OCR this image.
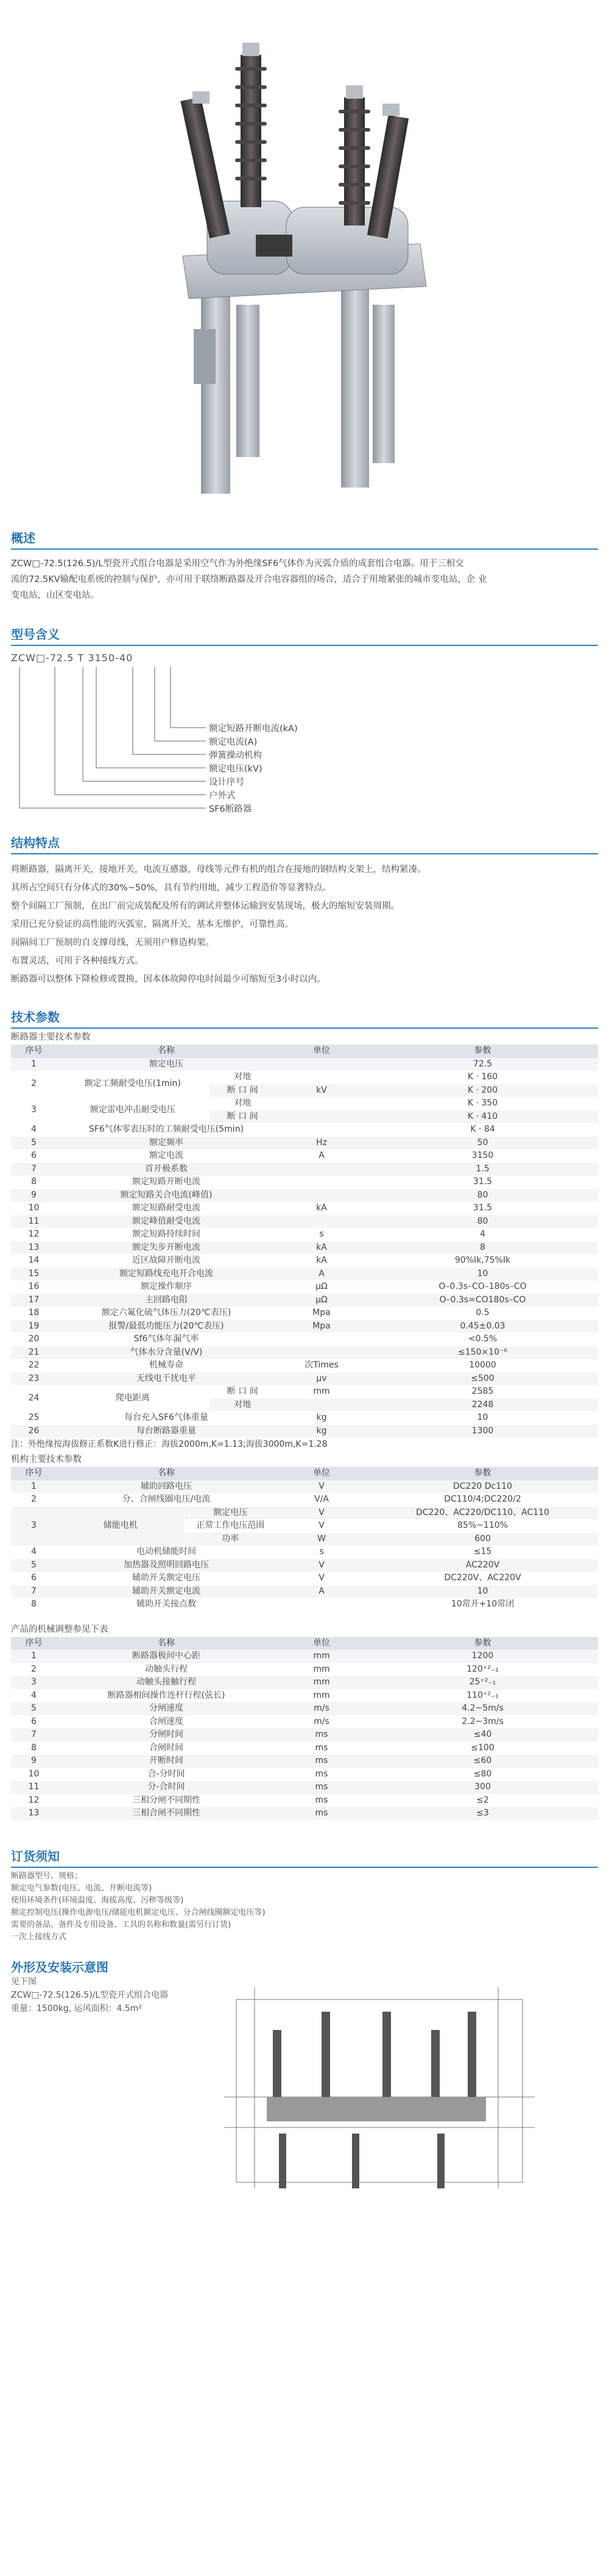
概述
ZCW□-72.5(126.5)/L型瓷开式组合电器是采用空气作为外绝缘SF6气体作为灭弧介质的成套组合电器。用于三相交
流的72.5KV输配电系统的控制与保护，亦可用于联络断路器及开合电容器组的场合，适合于用地紧张的城市变电站，企 业
变电站，山区变电站。
型号含义
ZCW□-72.5 T 3150-40
额定短路开断电流(kA)
额定电流(A)
弹簧操动机构
额定电压(kV)
设计序号
户外式
SF6断路器
结构特点
将断路器，隔离开关，接地开关，电流互感器，母线等元件有机的组合在接地的钢结构支架上，结构紧凑。
其所占空间只有分体式的30%~50%，具有节约用地，减少工程造价等显著特点。
整个间隔工厂预制，在出厂前完成装配及所有的调试并整体运输到安装现场，极大的缩短安装周期。
采用已充分验证的高性能的灭弧室，隔离开关，基本无维护，可靠性高。
间隔间工厂预制的自支撑母线，无须用户修造构架。
布置灵活，可用于各种接线方式。
断路器可以整体下降检修或置换，因本体故障停电时间最少可缩短至3小时以内。
技术参数
断路器主要技术参数
序号	名称		单位	参数
1	额定电压			72.5
2	额定工频耐受电压(1min)	对地		K · 160
		断 口 间	kV	K · 200
3	额定雷电冲击耐受电压	对地		K · 350
		断 口 间		K · 410
4	SF6气体零表压时的工频耐受电压(5min)			K · 84
5	额定频率		Hz	50
6	额定电流		A	3150
7	首开极系数			1.5
8	额定短路开断电流			31.5
9	额定短路关合电流(峰值)			80
10	额定短路耐受电流		kA	31.5
11	额定峰值耐受电流			80
12	额定短路持续时间		s	4
13	额定失步开断电流		kA	8
14	近区故障开断电流		kA	90%Ik,75%Ik
15	额定短路线充电开合电流		A	10
16	额定操作顺序		μΩ	O–0.3s–CO–180s–CO
17	主回路电阻		μΩ	O–0.3s=CO180s–CO
18	额定六氟化硫气体压力(20℃表压)		Mpa	0.5
19	报警/最低功能压力(20℃表压)		Mpa	0.45±0.03
20	Sf6气体年漏气率			<0.5%
21	气体水分含量(V/V)			≤150×10⁻⁶
22	机械寿命		次Times	10000
23	无线电干扰电平		μv	≤500
24	爬电距离	断 口 间	mm	2585
		对地		2248
25	每台充入SF6气体重量		kg	10
26	每台断路器重量		kg	1300
注：外绝缘按海拔修正系数K进行修正：海拔2000m,K=1.13;海拔3000m,K=1.28
机构主要技术参数
序号	名称		单位	参数
1	辅助回路电压		V	DC220 Dc110
2	分、合闸线圈电压/电流		V/A	DC110/4;DC220/2
3	储能电机	额定电压	V	DC220、AC220/DC110、AC110
		正常工作电压范围	V	85%~110%
		功率	W	600
4	电动机储能时间		s	≤15
5	加热器及照明回路电压		V	AC220V
6	辅助开关额定电压		V	DC220V、AC220V
7	辅助开关额定电流		A	10
8	辅助开关接点数			10常开+10常闭
产品的机械调整参见下表
序号	名称	单位	参数
1	断路器极间中心距	mm	1200
2	动触头行程	mm	120⁺²₋₁
3	动触头接触行程	mm	25⁺²₋₁
4	断路器相间操作连杆行程(弦长)	mm	110⁺²₋₁
5	分闸速度	m/s	4.2~5m/s
6	合闸速度	m/s	2.2~3m/s
7	分闸时间	ms	≤40
8	合闸时间	ms	≤100
9	开断时间	ms	≤60
10	合-分时间	ms	≤80
11	分-合时间	ms	300
12	三相分闸不同期性	ms	≤2
13	三相合闸不同期性	ms	≤3
订货须知
断路器型号、规格；
额定电气参数(电压、电流、开断电流等)
使用环境条件(环境温度、海拔高度、污秽等级等)
额定控制电压(操作电源电压/储能电机额定电压、分合闸线圈额定电压等)
需要的备品、备件及专用设备、工具的名称和数量(需另行订货)
一次上接线方式
外形及安装示意图
见下图
ZCW□-72.5(126.5)/L型瓷开式组合电器
重量：1500kg, 运风面积：4.5m²
